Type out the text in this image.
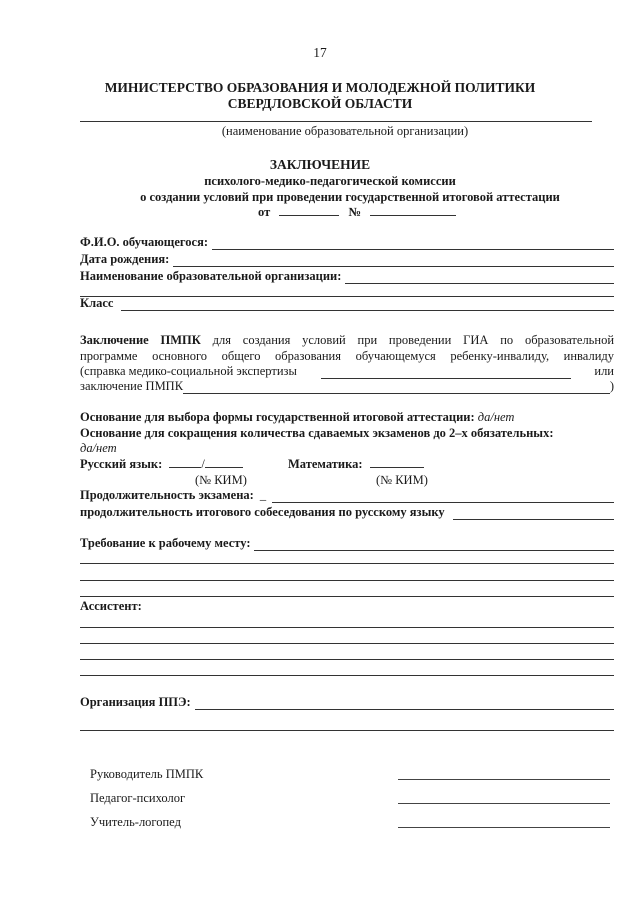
17
МИНИСТЕРСТВО ОБРАЗОВАНИЯ И МОЛОДЕЖНОЙ ПОЛИТИКИ
СВЕРДЛОВСКОЙ ОБЛАСТИ
(наименование образовательной организации)
ЗАКЛЮЧЕНИЕ
психолого-медико-педагогической комиссии
о создании условий при проведении государственной итоговой аттестации
от	№
Ф.И.О. обучающегося:
Дата рождения:
Наименование образовательной организации:
Класс
Заключение ПМПК для создания условий при проведении ГИА по образовательной
программе основного общего образования обучающемуся ребенку-инвалиду, инвалиду
(справка медико-социальной экспертизы	или
заключение ПМПК	)
Основание для выбора формы государственной итоговой аттестации: да/нет
Основание для сокращения количества сдаваемых экзаменов до 2–х обязательных:
да/нет
Русский язык:	/	Математика:
(№ КИМ)	(№ КИМ)
Продолжительность экзамена: _
продолжительность итогового собеседования по русскому языку
Требование к рабочему месту:
Ассистент:
Организация ППЭ:
Руководитель ПМПК
Педагог-психолог
Учитель-логопед
